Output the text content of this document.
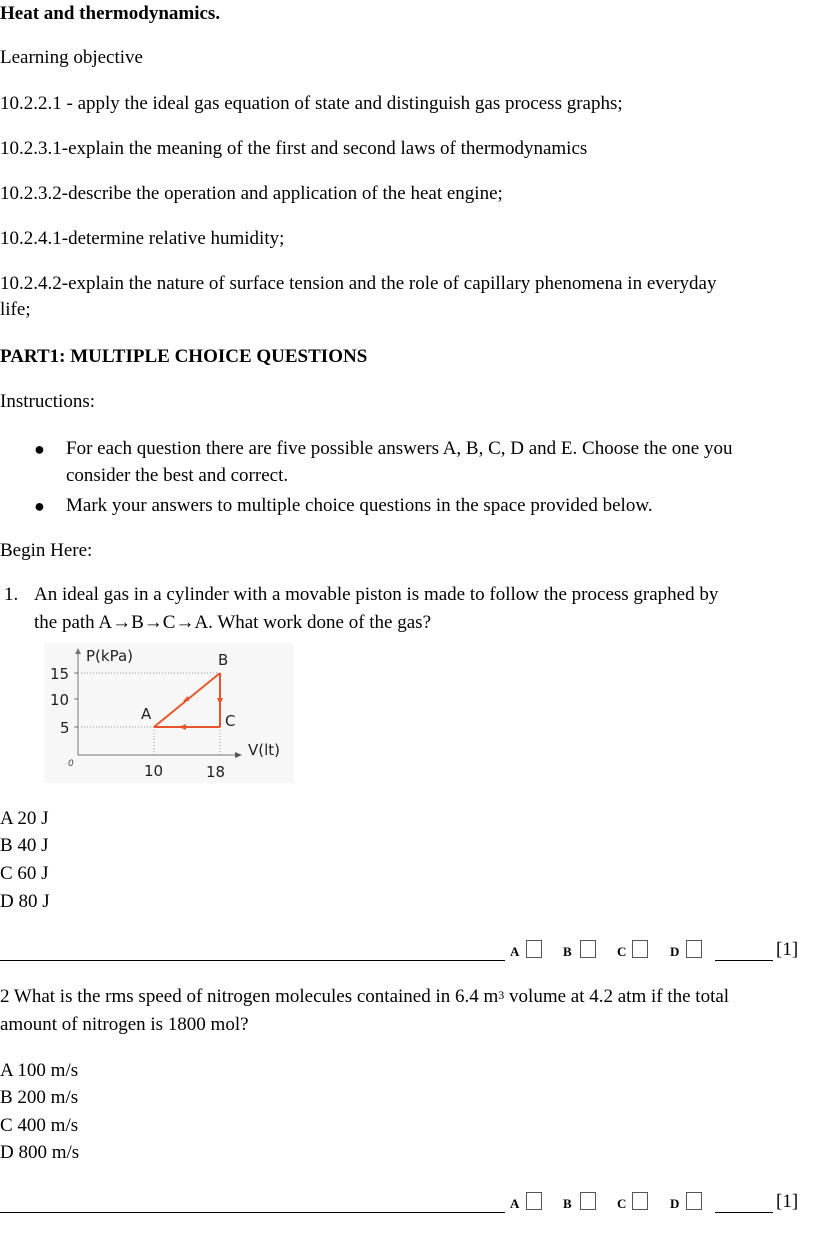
Heat and thermodynamics.
Learning objective
10.2.2.1 - apply the ideal gas equation of state and distinguish gas process graphs;
10.2.3.1-explain the meaning of the first and second laws of thermodynamics
10.2.3.2-describe the operation and application of the heat engine;
10.2.4.1-determine relative humidity;
10.2.4.2-explain the nature of surface tension and the role of capillary phenomena in everyday
life;
PART1: MULTIPLE CHOICE QUESTIONS
Instructions:
● For each question there are five possible answers A, B, C, D and E. Choose the one you
consider the best and correct.
● Mark your answers to multiple choice questions in the space provided below.
Begin Here:
1. An ideal gas in a cylinder with a movable piston is made to follow the process graphed by
the path A→B→C→A. What work done of the gas?
P(kPa)
V(lt)
0
15
10
5
10	18
A
B
C
A 20 J
B 40 J
C 60 J
D 80 J
A	B	C	D	[1]
2 What is the rms speed of nitrogen molecules contained in 6.4 $m^3$ volume at 4.2 atm if the total
amount of nitrogen is 1800 mol?
A 100 m/s
B 200 m/s
C 400 m/s
D 800 m/s
A	B	C	D	[1]
